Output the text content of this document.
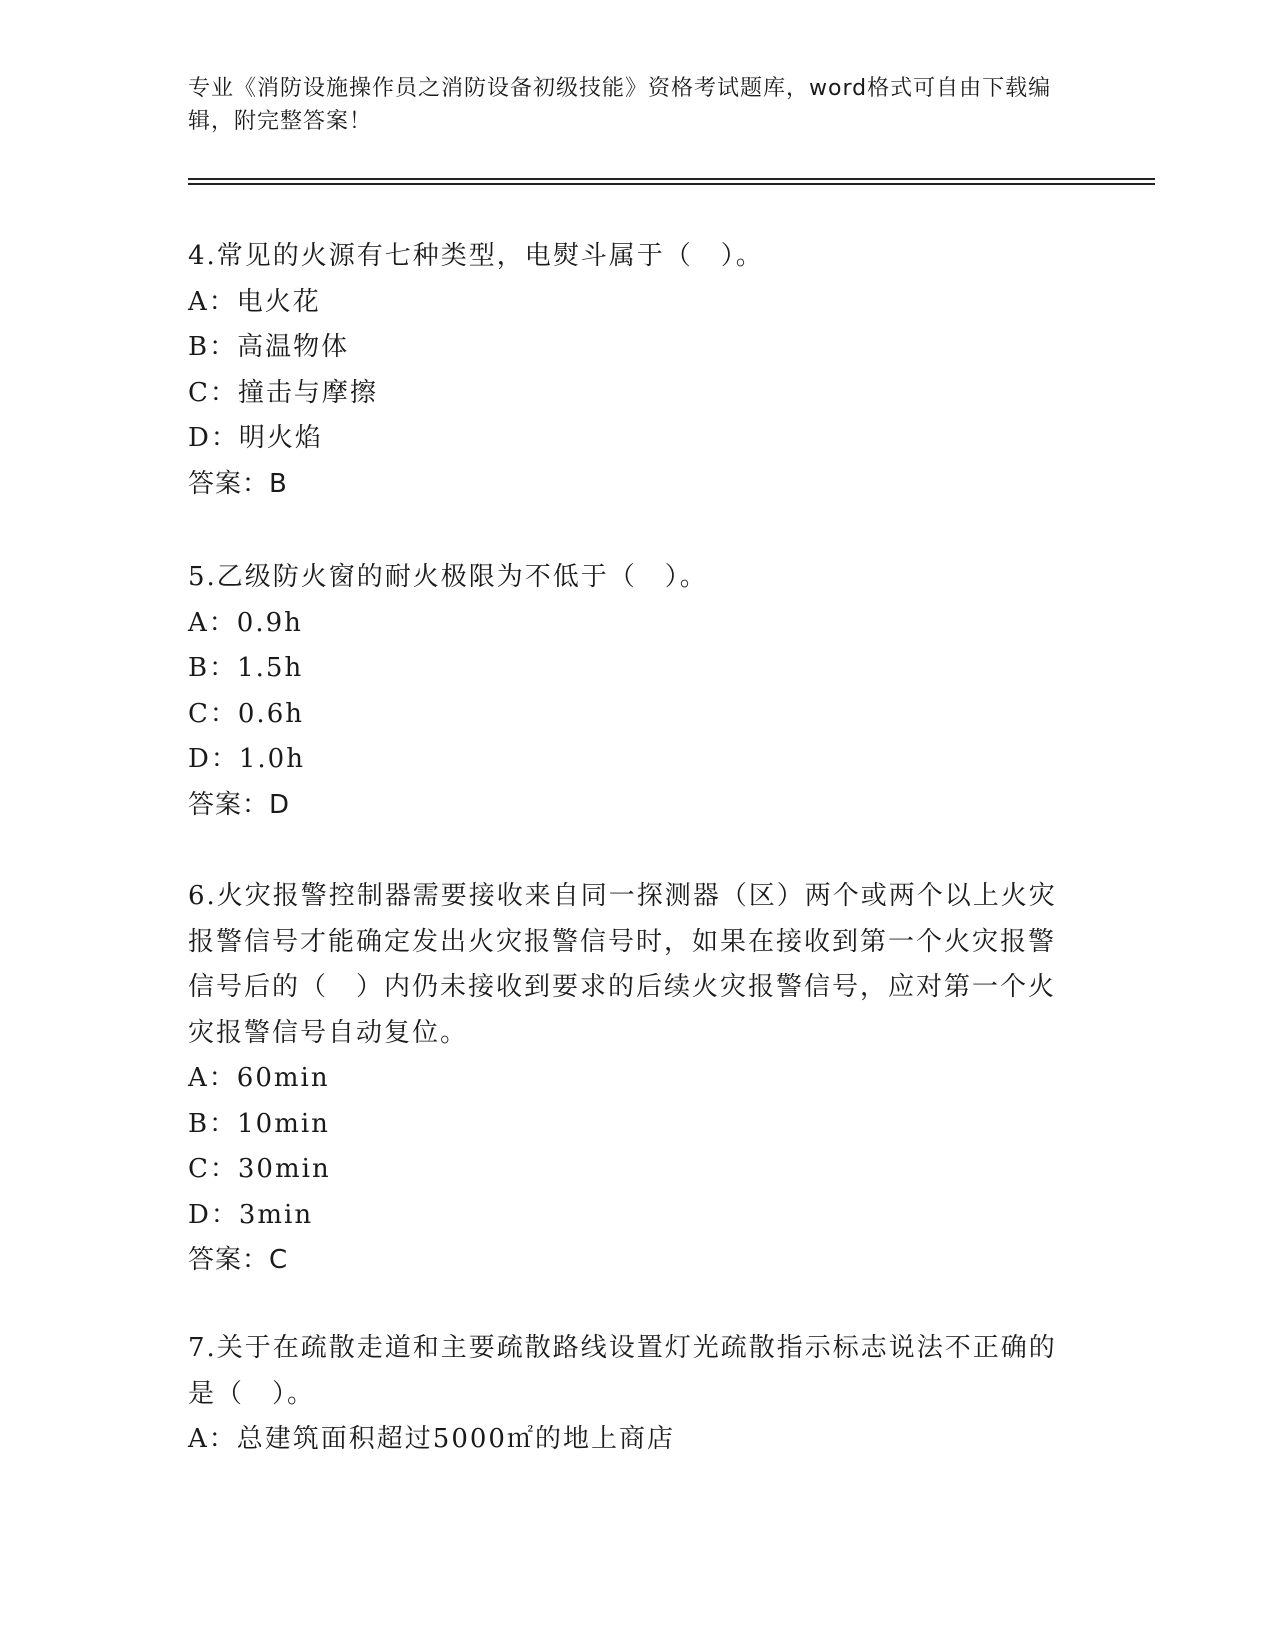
专业《消防设施操作员之消防设备初级技能》资格考试题库，word格式可自由下载编辑，附完整答案！

4.常见的火源有七种类型，电熨斗属于（　）。

A：电火花

B：高温物体

C：撞击与摩擦

D：明火焰

答案：B

5.乙级防火窗的耐火极限为不低于（　）。

A：0.9h

B：1.5h

C：0.6h

D：1.0h

答案：D

6.火灾报警控制器需要接收来自同一探测器（区）两个或两个以上火灾报警信号才能确定发出火灾报警信号时，如果在接收到第一个火灾报警信号后的（　）内仍未接收到要求的后续火灾报警信号，应对第一个火灾报警信号自动复位。

A：60min

B：10min

C：30min

D：3min

答案：C

7.关于在疏散走道和主要疏散路线设置灯光疏散指示标志说法不正确的是（　）。

A：总建筑面积超过5000㎡的地上商店
